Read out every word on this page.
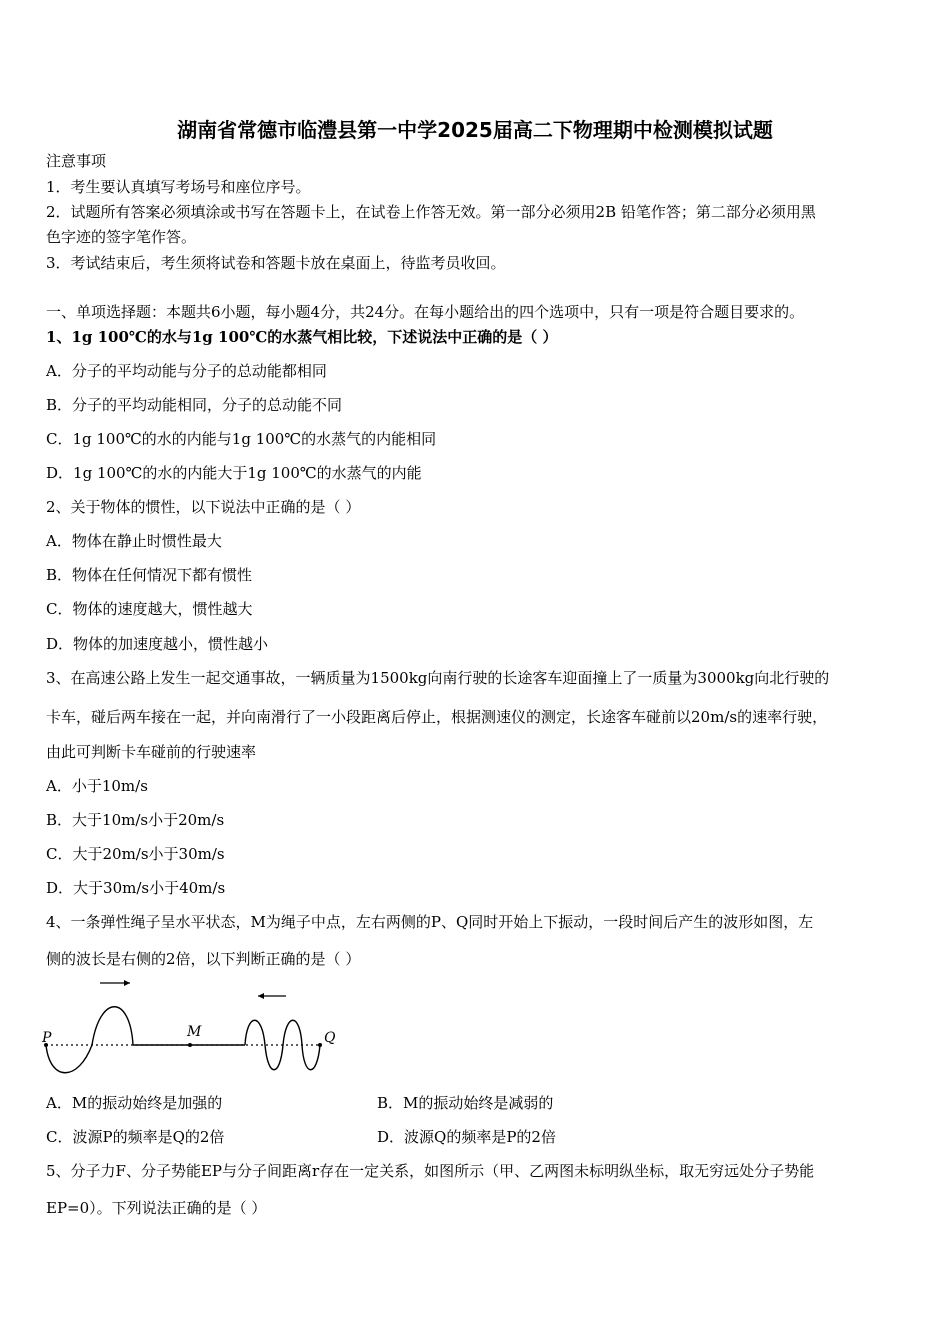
湖南省常德市临澧县第一中学2025届高二下物理期中检测模拟试题
注意事项
1．考生要认真填写考场号和座位序号。
2．试题所有答案必须填涂或书写在答题卡上，在试卷上作答无效。第一部分必须用2B 铅笔作答；第二部分必须用黑
色字迹的签字笔作答。
3．考试结束后，考生须将试卷和答题卡放在桌面上，待监考员收回。
一、单项选择题：本题共6小题，每小题4分，共24分。在每小题给出的四个选项中，只有一项是符合题目要求的。
1、1g 100℃的水与1g 100℃的水蒸气相比较，下述说法中正确的是（ ）
A．分子的平均动能与分子的总动能都相同
B．分子的平均动能相同，分子的总动能不同
C．1g 100℃的水的内能与1g 100℃的水蒸气的内能相同
D．1g 100℃的水的内能大于1g 100℃的水蒸气的内能
2、关于物体的惯性，以下说法中正确的是（ ）
A．物体在静止时惯性最大
B．物体在任何情况下都有惯性
C．物体的速度越大，惯性越大
D．物体的加速度越小，惯性越小
3、在高速公路上发生一起交通事故，一辆质量为1500kg向南行驶的长途客车迎面撞上了一质量为3000kg向北行驶的
卡车，碰后两车接在一起，并向南滑行了一小段距离后停止，根据测速仪的测定，长途客车碰前以20m/s的速率行驶，
由此可判断卡车碰前的行驶速率
A．小于10m/s
B．大于10m/s小于20m/s
C．大于20m/s小于30m/s
D．大于30m/s小于40m/s
4、一条弹性绳子呈水平状态，M为绳子中点，左右两侧的P、Q同时开始上下振动，一段时间后产生的波形如图，左
侧的波长是右侧的2倍，以下判断正确的是（ ）
P	M	Q
A．M的振动始终是加强的	B．M的振动始终是减弱的
C．波源P的频率是Q的2倍	D．波源Q的频率是P的2倍
5、分子力F、分子势能EP与分子间距离r存在一定关系，如图所示（甲、乙两图未标明纵坐标，取无穷远处分子势能
EP=0）。下列说法正确的是（ ）
